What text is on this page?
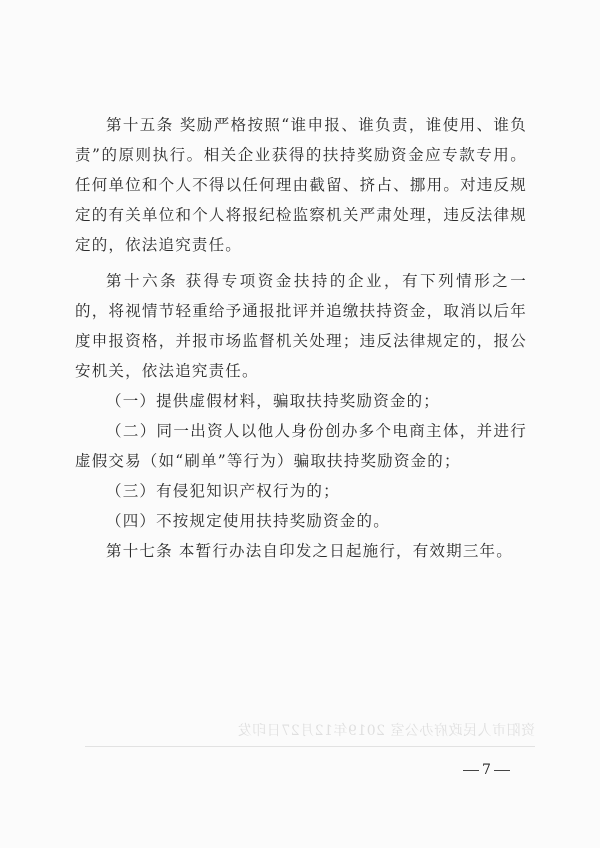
第十五条 奖励严格按照“谁申报、谁负责，谁使用、谁负责”的原则执行。相关企业获得的扶持奖励资金应专款专用。任何单位和个人不得以任何理由截留、挤占、挪用。对违反规定的有关单位和个人将报纪检监察机关严肃处理，违反法律规定的，依法追究责任。

第十六条 获得专项资金扶持的企业，有下列情形之一的，将视情节轻重给予通报批评并追缴扶持资金，取消以后年度申报资格，并报市场监督机关处理；违反法律规定的，报公安机关，依法追究责任。

（一）提供虚假材料，骗取扶持奖励资金的；

（二）同一出资人以他人身份创办多个电商主体，并进行虚假交易（如“刷单”等行为）骗取扶持奖励资金的；

（三）有侵犯知识产权行为的；

（四）不按规定使用扶持奖励资金的。

第十七条 本暂行办法自印发之日起施行，有效期三年。

资阳市人民政府办公室 2019年12月27日印发
7
